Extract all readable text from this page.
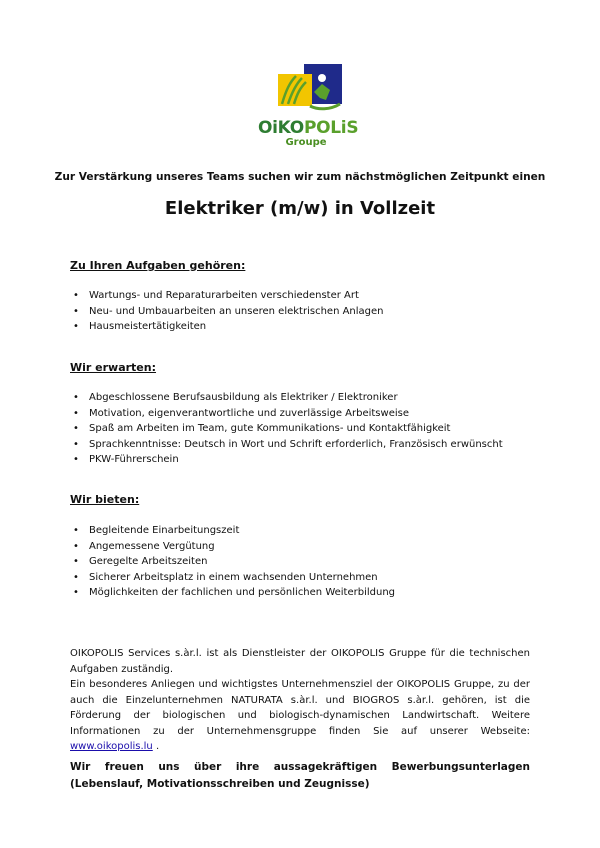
OiKOPOLiS
Groupe
Zur Verstärkung unseres Teams suchen wir zum nächstmöglichen Zeitpunkt einen
Elektriker (m/w) in Vollzeit
Zu Ihren Aufgaben gehören:
• Wartungs- und Reparaturarbeiten verschiedenster Art
• Neu- und Umbauarbeiten an unseren elektrischen Anlagen
• Hausmeistertätigkeiten
Wir erwarten:
• Abgeschlossene Berufsausbildung als Elektriker / Elektroniker
• Motivation, eigenverantwortliche und zuverlässige Arbeitsweise
• Spaß am Arbeiten im Team, gute Kommunikations- und Kontaktfähigkeit
• Sprachkenntnisse: Deutsch in Wort und Schrift erforderlich, Französisch erwünscht
• PKW-Führerschein
Wir bieten:
• Begleitende Einarbeitungszeit
• Angemessene Vergütung
• Geregelte Arbeitszeiten
• Sicherer Arbeitsplatz in einem wachsenden Unternehmen
• Möglichkeiten der fachlichen und persönlichen Weiterbildung

OIKOPOLIS Services s.àr.l. ist als Dienstleister der OIKOPOLIS Gruppe für die technischen Aufgaben zuständig.

Ein besonderes Anliegen und wichtigstes Unternehmensziel der OIKOPOLIS Gruppe, zu der auch die Einzelunternehmen NATURATA s.àr.l. und BIOGROS s.àr.l. gehören, ist die Förderung der biologischen und biologisch-dynamischen Landwirtschaft. Weitere Informationen zu der Unternehmensgruppe finden Sie auf unserer Webseite: www.oikopolis.lu .

Wir freuen uns über ihre aussagekräftigen Bewerbungsunterlagen (Lebenslauf, Motivationsschreiben und Zeugnisse)
